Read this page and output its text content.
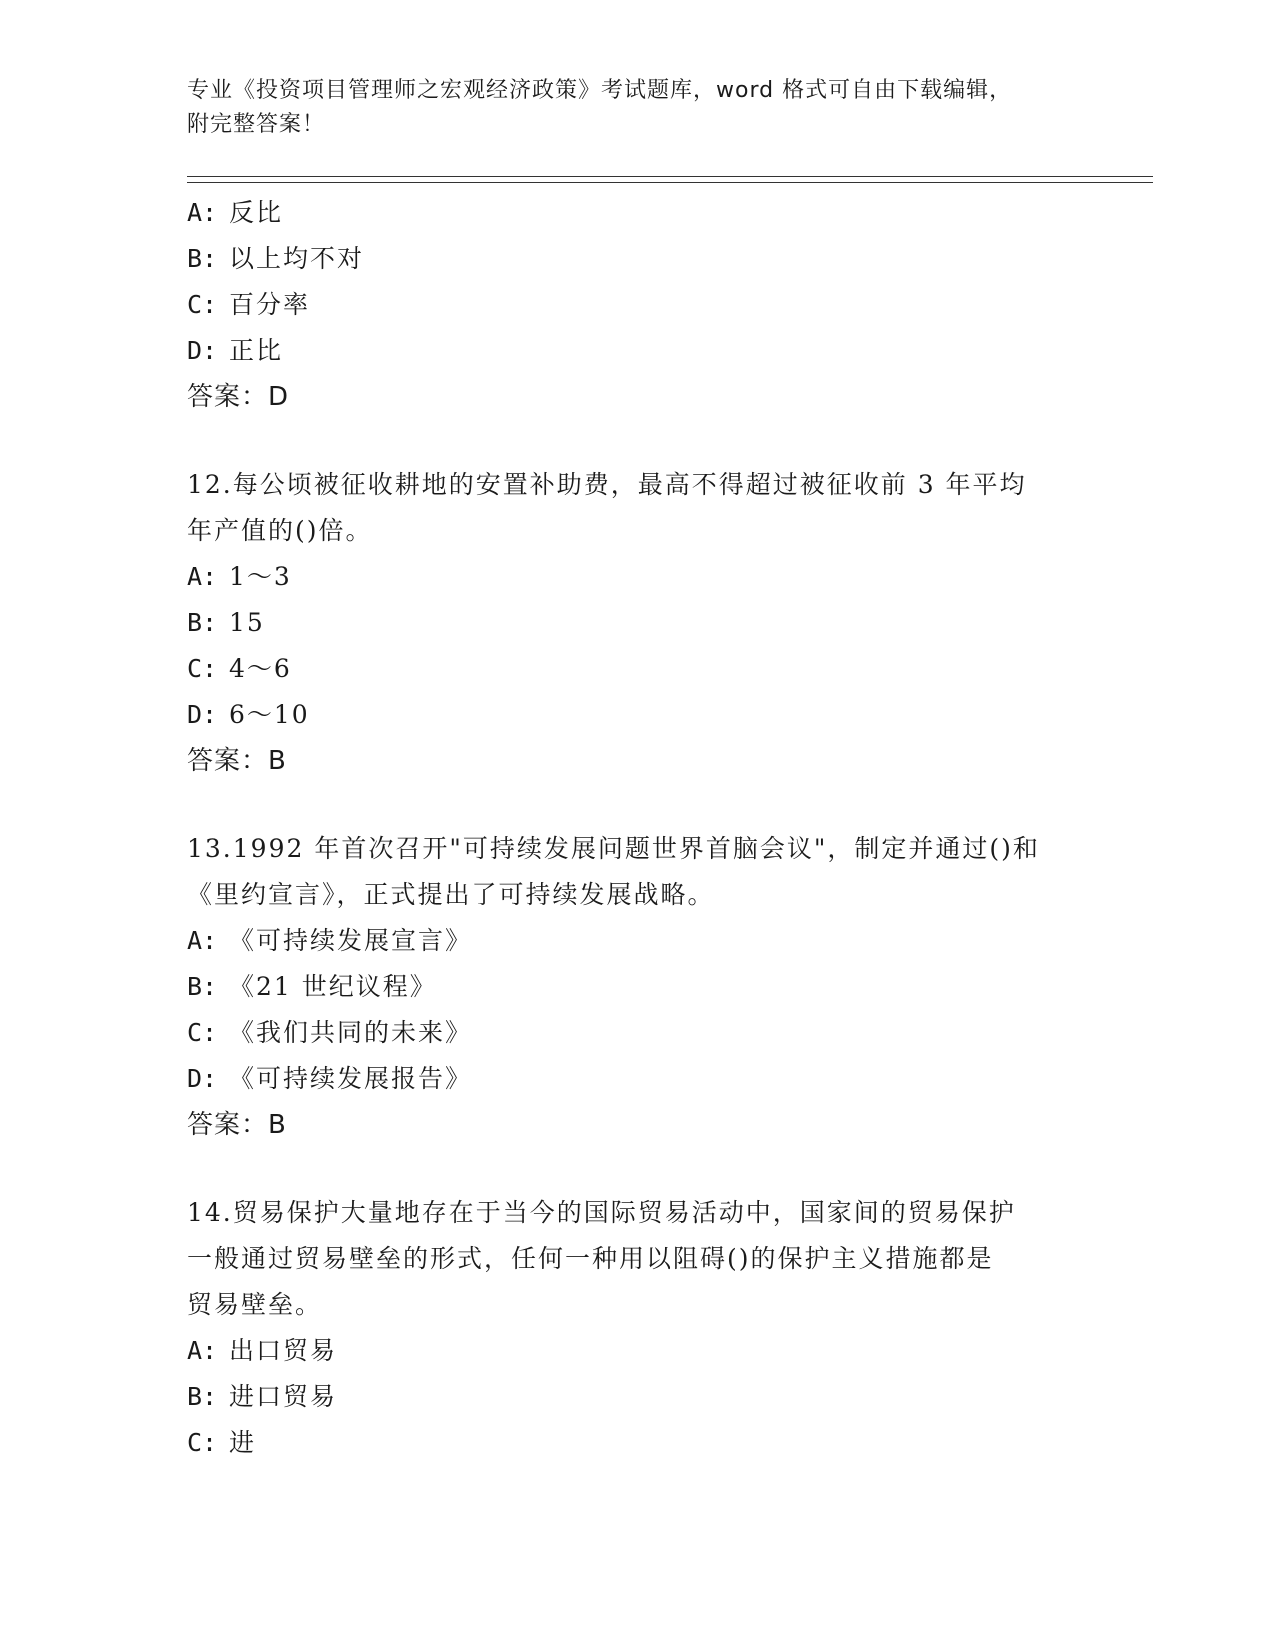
专业《投资项目管理师之宏观经济政策》考试题库，word 格式可自由下载编辑，
附完整答案！
A: 反比
B: 以上均不对
C: 百分率
D: 正比
答案：D
12.每公顷被征收耕地的安置补助费，最高不得超过被征收前 3 年平均
年产值的()倍。
A: 1～3
B: 15
C: 4～6
D: 6～10
答案：B
13.1992 年首次召开"可持续发展问题世界首脑会议"，制定并通过()和
《里约宣言》，正式提出了可持续发展战略。
A: 《可持续发展宣言》
B: 《21 世纪议程》
C: 《我们共同的未来》
D: 《可持续发展报告》
答案：B
14.贸易保护大量地存在于当今的国际贸易活动中，国家间的贸易保护
一般通过贸易壁垒的形式，任何一种用以阻碍()的保护主义措施都是
贸易壁垒。
A: 出口贸易
B: 进口贸易
C: 进
